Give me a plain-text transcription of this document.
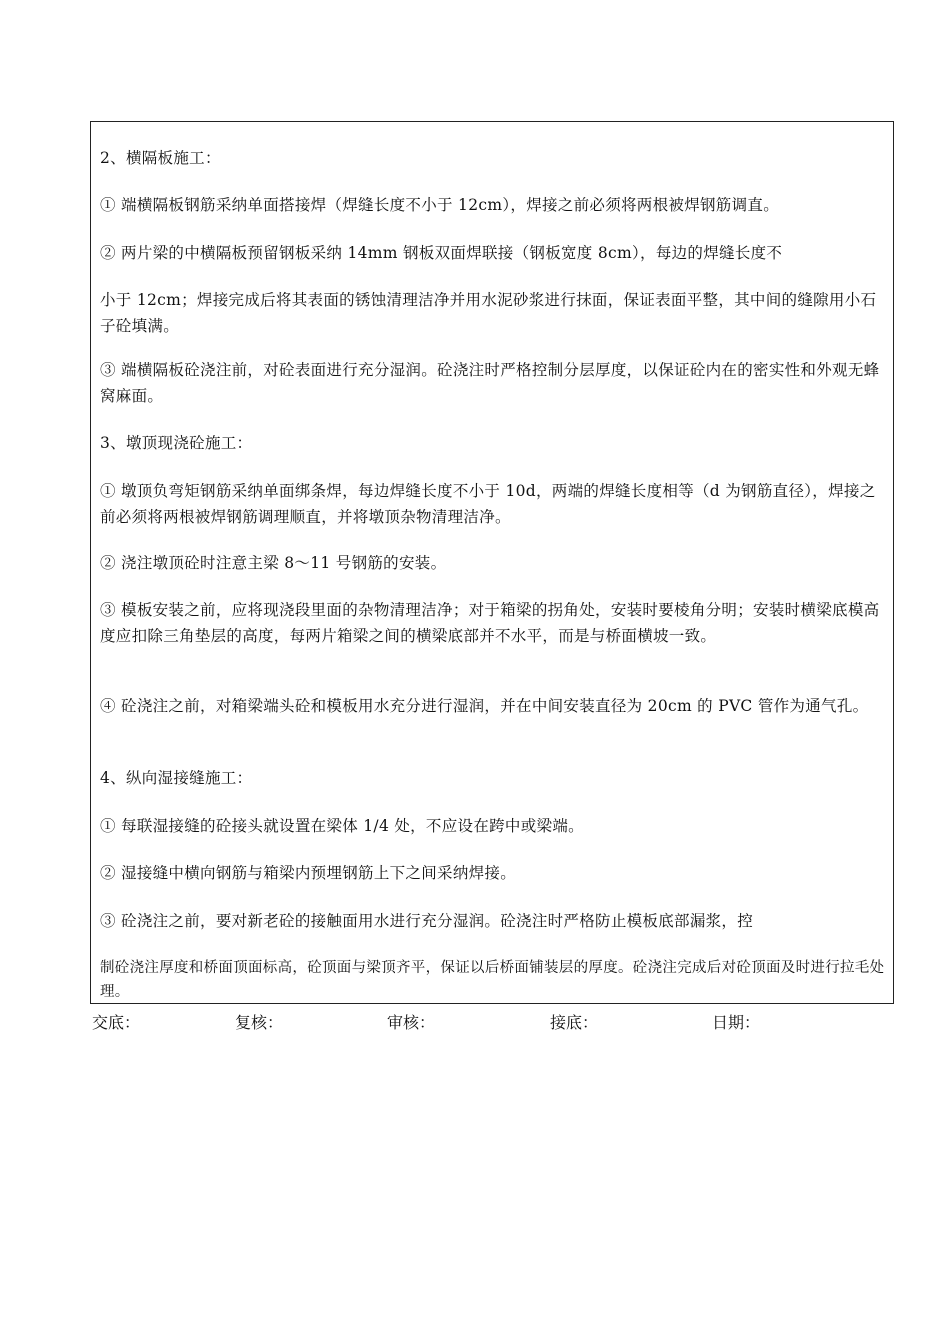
2、横隔板施工：
① 端横隔板钢筋采纳单面搭接焊（焊缝长度不小于 12cm），焊接之前必须将两根被焊钢筋调直。
② 两片梁的中横隔板预留钢板采纳 14mm 钢板双面焊联接（钢板宽度 8cm），每边的焊缝长度不
小于 12cm；焊接完成后将其表面的锈蚀清理洁净并用水泥砂浆进行抹面，保证表面平整，其中间的缝隙用小石子砼填满。
③ 端横隔板砼浇注前，对砼表面进行充分湿润。砼浇注时严格控制分层厚度，以保证砼内在的密实性和外观无蜂窝麻面。
3、墩顶现浇砼施工：
① 墩顶负弯矩钢筋采纳单面绑条焊，每边焊缝长度不小于 10d，两端的焊缝长度相等（d 为钢筋直径），焊接之前必须将两根被焊钢筋调理顺直，并将墩顶杂物清理洁净。
② 浇注墩顶砼时注意主梁 8～11 号钢筋的安装。
③ 模板安装之前，应将现浇段里面的杂物清理洁净；对于箱梁的拐角处，安装时要棱角分明；安装时横梁底模高度应扣除三角垫层的高度，每两片箱梁之间的横梁底部并不水平，而是与桥面横坡一致。
④ 砼浇注之前，对箱梁端头砼和模板用水充分进行湿润，并在中间安装直径为 20cm 的 PVC 管作为通气孔。
4、纵向湿接缝施工：
① 每联湿接缝的砼接头就设置在梁体 1/4 处，不应设在跨中或梁端。
② 湿接缝中横向钢筋与箱梁内预埋钢筋上下之间采纳焊接。
③ 砼浇注之前，要对新老砼的接触面用水进行充分湿润。砼浇注时严格防止模板底部漏浆，控
制砼浇注厚度和桥面顶面标高，砼顶面与梁顶齐平，保证以后桥面铺装层的厚度。砼浇注完成后对砼顶面及时进行拉毛处理。
交底：	复核：	审核：	接底：	日期：
